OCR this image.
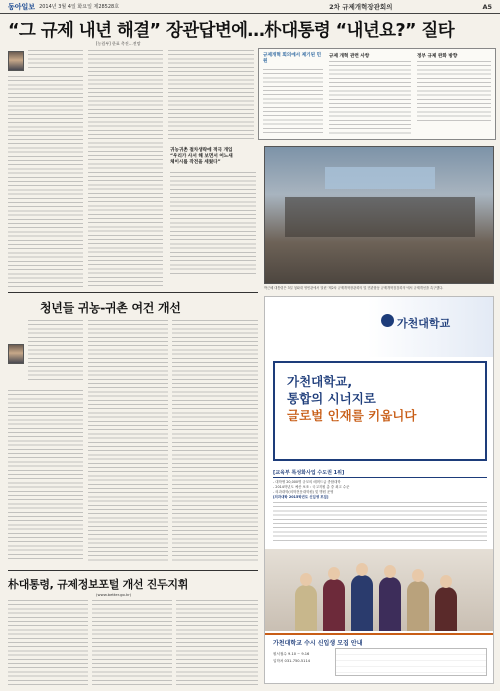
동아일보 2014년 3월 4일 화요일 제28528호	2차 규제개혁장관회의	A5
“그 규제 내년 해결” 장관답변에…朴대통령 “내년요?” 질타
[농림부] 한표 촉진…전망
규제개혁 회의에서 제기된 민원
규제 개혁 관련 사항	정부 규제 완화 방향
귀농귀촌 절차생략에 적극 개입
“우리가 사서 해 보면서 어느새
체이시를 작전을 세웠다”
박근혜 대통령은 3일 청와대 영빈관에서 열린 ‘제2차 규제개혁장관회의 및 민관합동 규제개혁점검회의’에서 규제개선을 촉구했다.
청년들 귀농-귀촌 여건 개선
朴대통령, 규제정보포털 개선 진두지휘
(www.better.go.kr)
가천대학교
가천대학교,
통합의 시너지로
글로벌 인재를 키웁니다
[교육부 특성화사업 수도권 1위]
- 대학생 20,000명 규모의 메머드급 종합대학
- 2014학년도 예산 보조 : 국고지원 총 중 최고 수준
- 의과대학(의학전문대학원) 및 병원 운영
[의과대학 2015학년도 신입생 모집]
가천대학교 수시 신입생 모집 안내
원서접수 9.10 ~ 9.16
입학처 031-750-5114
